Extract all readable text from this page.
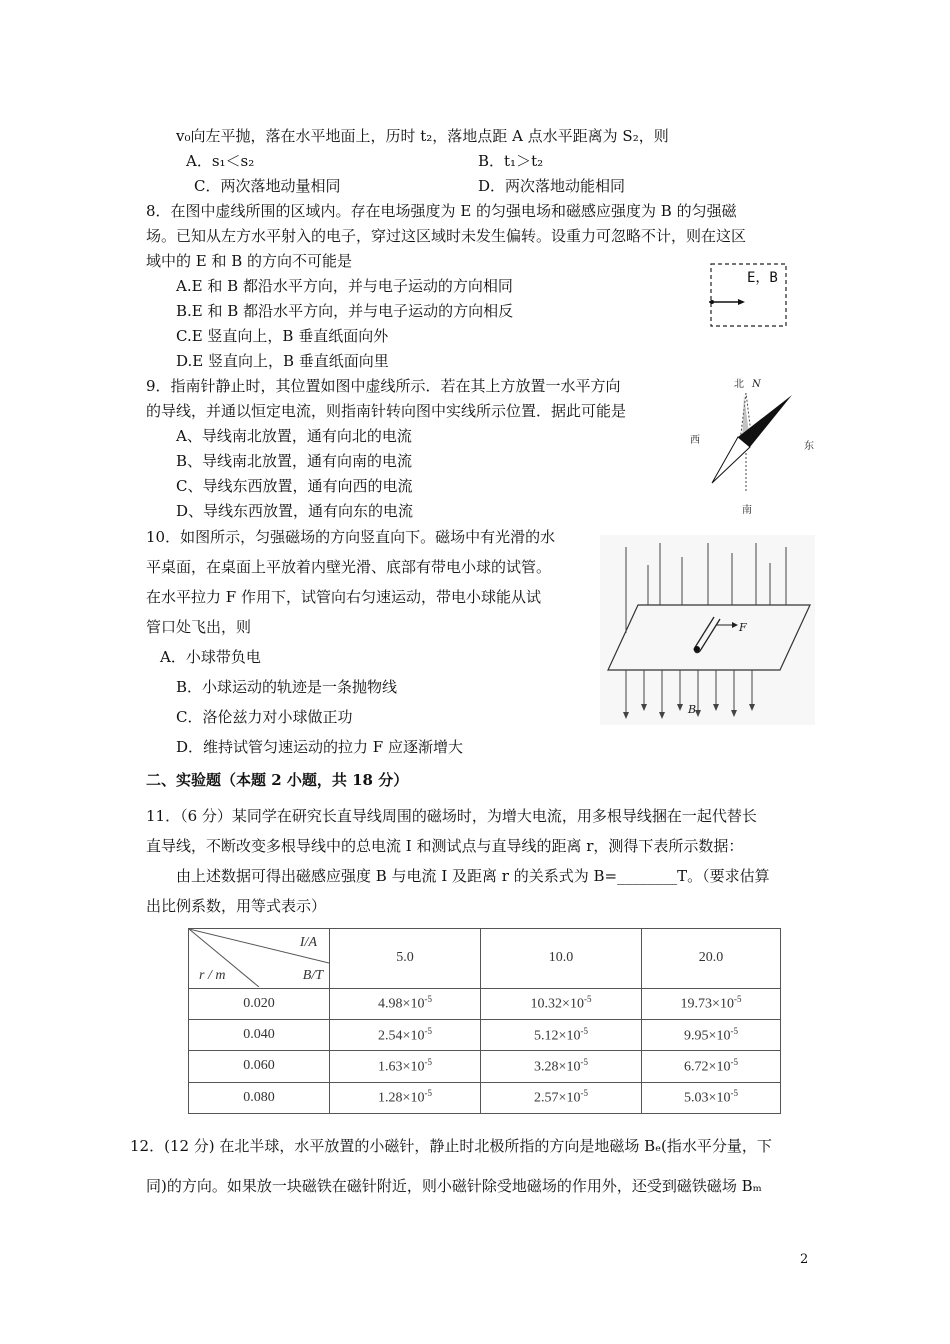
v₀向左平抛，落在水平地面上，历时 t₂，落地点距 A 点水平距离为 S₂，则
A．s₁＜s₂	B．t₁＞t₂
C．两次落地动量相同	D．两次落地动能相同
8．在图中虚线所围的区域内。存在电场强度为 E 的匀强电场和磁感应强度为 B 的匀强磁
场。已知从左方水平射入的电子，穿过这区域时未发生偏转。设重力可忽略不计，则在这区
域中的 E 和 B 的方向不可能是
A.E 和 B 都沿水平方向，并与电子运动的方向相同
B.E 和 B 都沿水平方向，并与电子运动的方向相反
C.E 竖直向上，B 垂直纸面向外
D.E 竖直向上，B 垂直纸面向里
E，B
9．指南针静止时，其位置如图中虚线所示．若在其上方放置一水平方向
的导线，并通以恒定电流，则指南针转向图中实线所示位置．据此可能是
A、导线南北放置，通有向北的电流
B、导线南北放置，通有向南的电流
C、导线东西放置，通有向西的电流
D、导线东西放置，通有向东的电流
北 N
西
东
南
10．如图所示，匀强磁场的方向竖直向下。磁场中有光滑的水
平桌面，在桌面上平放着内壁光滑、底部有带电小球的试管。
在水平拉力 F 作用下，试管向右匀速运动，带电小球能从试
管口处飞出，则
A．小球带负电
B．小球运动的轨迹是一条抛物线
C．洛伦兹力对小球做正功
D．维持试管匀速运动的拉力 F 应逐渐增大
F
B
二、实验题（本题 2 小题，共 18 分）
11．（6 分）某同学在研究长直导线周围的磁场时，为增大电流，用多根导线捆在一起代替长
直导线，不断改变多根导线中的总电流 I 和测试点与直导线的距离 r，测得下表所示数据：
由上述数据可得出磁感应强度 B 与电流 I 及距离 r 的关系式为 B=________T。（要求估算
出比例系数，用等式表示）
I/A
r / m B/T	5.0	10.0	20.0
0.020	$4.98\times 10^{-5}$	$10.32\times 10^{-5}$	$19.73\times 10^{-5}$
0.040	$2.54\times 10^{-5}$	$5.12\times 10^{-5}$	$9.95\times 10^{-5}$
0.060	$1.63\times 10^{-5}$	$3.28\times 10^{-5}$	$6.72\times 10^{-5}$
0.080	$1.28\times 10^{-5}$	$2.57\times 10^{-5}$	$5.03\times 10^{-5}$
12．(12 分) 在北半球，水平放置的小磁针，静止时北极所指的方向是地磁场 Bₑ(指水平分量，下
同)的方向。如果放一块磁铁在磁针附近，则小磁针除受地磁场的作用外，还受到磁铁磁场 Bₘ
2
